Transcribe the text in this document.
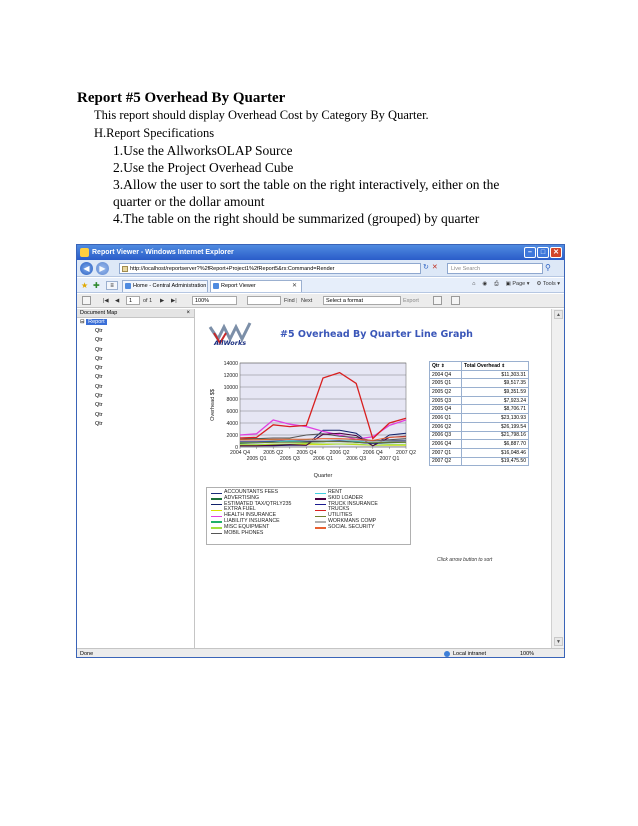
Report #5 Overhead By Quarter
This report should display Overhead Cost by Category By Quarter.
H.Report Specifications
1.Use the AllworksOLAP Source
2.Use the Project Overhead Cube
3.Allow the user to sort the table on the right interactively, either on the quarter or the dollar amount
4.The table on the right should be summarized (grouped) by quarter
Report Viewer - Windows Internet Explorer	–	□	✕
◀	▶	http://localhost/reportserver?%2fReport+Project1%2fReport5&rs:Command=Render	↻ ✕	Live Search	⚲
★ ✚	≡	Home - Central Administration	Report Viewer	✕	⌂ ◉ ⎙ ▣ Page ▾ ⚙ Tools ▾
|◀ ◀	1	of 1 ▶ ▶|	100%	Find | Next	Select a format	Export
Document Map	×
⊟ Report
Qtr
Qtr
Qtr
Qtr
Qtr
Qtr
Qtr
Qtr
Qtr
Qtr
Qtr
AllWorks
#5 Overhead By Quarter Line Graph
0
2000
4000
6000
8000
10000
12000
14000
2004 Q4
2005 Q1
2005 Q2
2005 Q3
2005 Q4
2006 Q1
2006 Q2
2006 Q3
2006 Q4
2007 Q1
2007 Q2
Quarter
Overhead $$
ACCOUNTANTS FEES	RENT
ADVERTISING	SKID LOADER
ESTIMATED TAX/QTRLY235	TRUCK INSURANCE
EXTRA FUEL	TRUCKS
HEALTH INSURANCE	UTILITIES
LIABILITY INSURANCE	WORKMANS COMP
MISC EQUIPMENT	SOCIAL SECURITY
MOBIL PHONES
Qtr ⇕	Total Overhead ⇕
2004 Q4	$11,303.31
2005 Q1	$9,517.35
2005 Q2	$9,351.59
2005 Q3	$7,923.24
2005 Q4	$8,706.71
2006 Q1	$23,130.93
2006 Q2	$26,199.54
2006 Q3	$21,798.16
2006 Q4	$6,887.70
2007 Q1	$16,048.46
2007 Q2	$19,475.50
Click arrow button to sort
▲
▼
Done	Local intranet	100%
